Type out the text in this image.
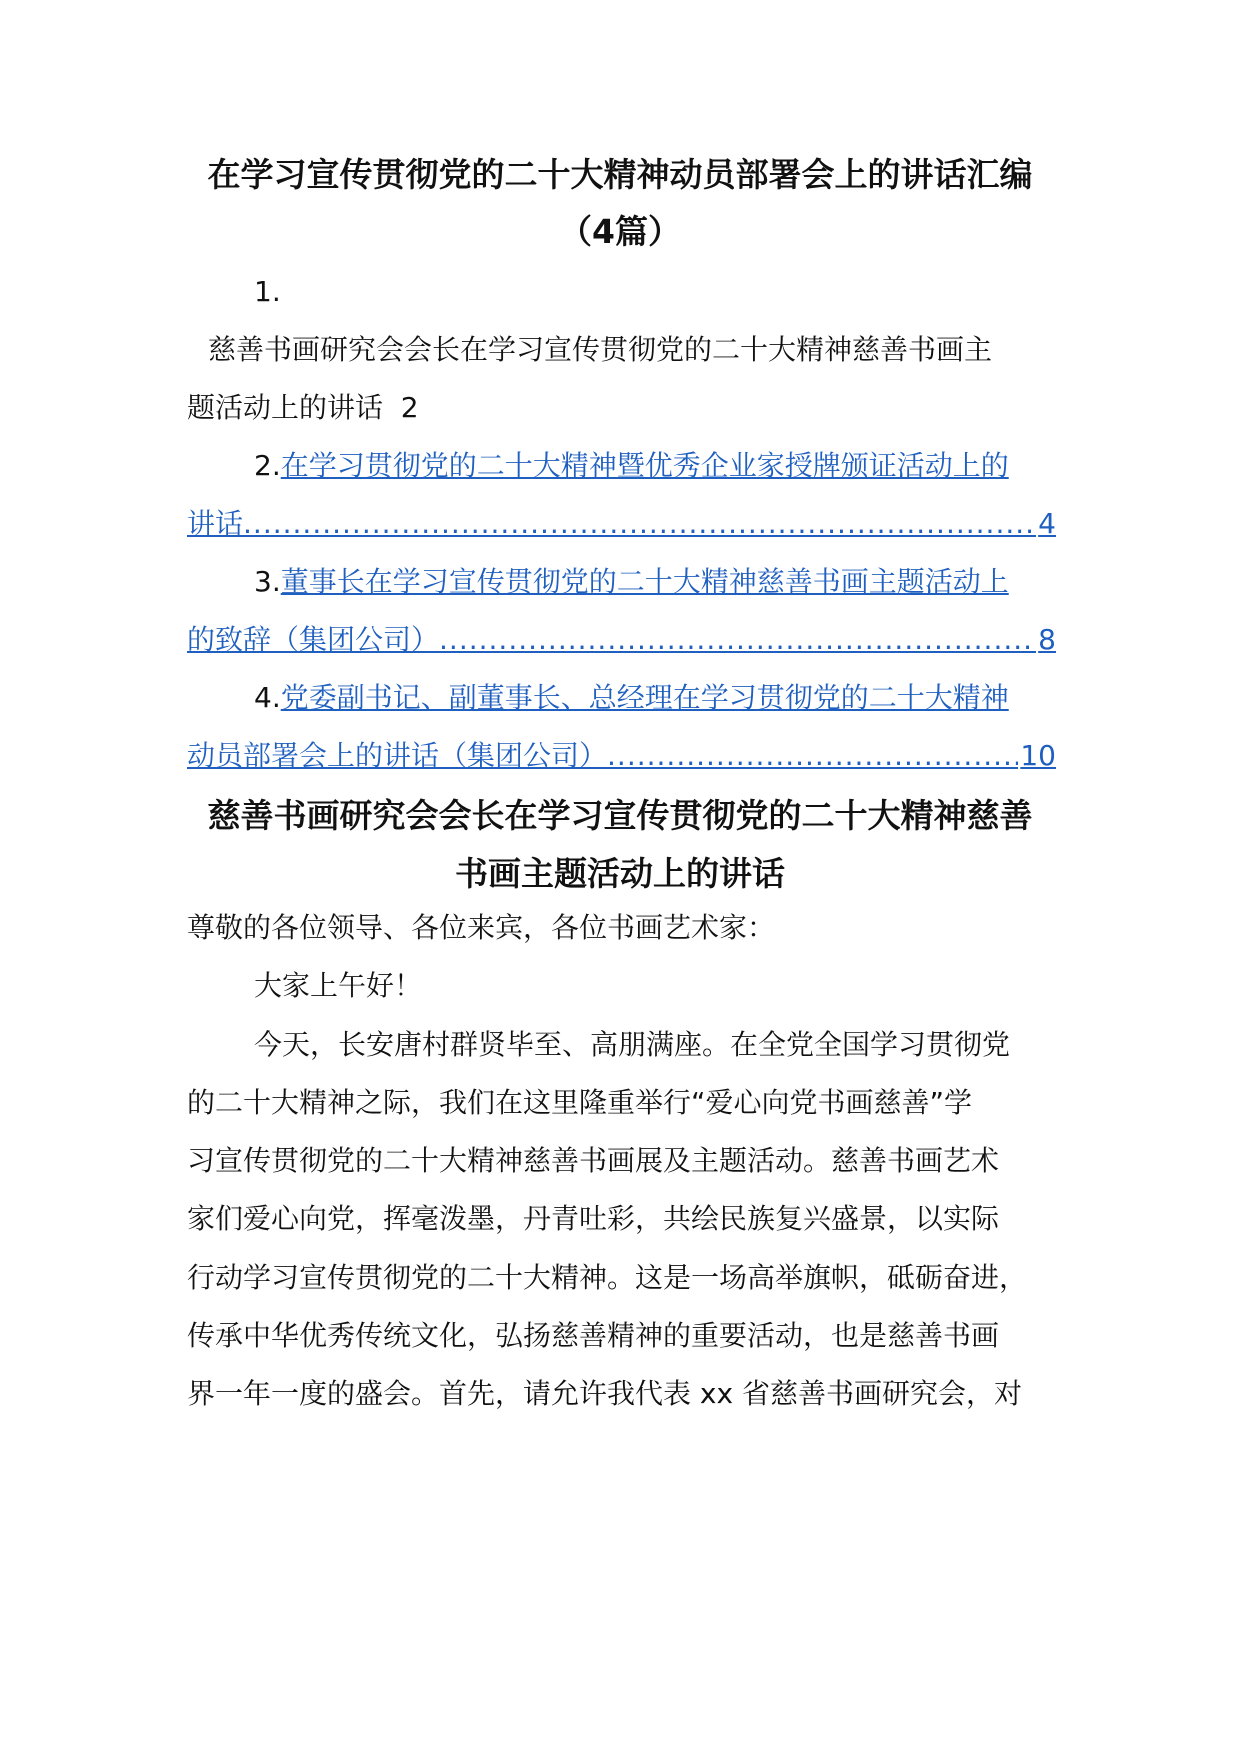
在学习宣传贯彻党的二十大精神动员部署会上的讲话汇编
（4篇）
1.
慈善书画研究会会长在学习宣传贯彻党的二十大精神慈善书画主
题活动上的讲话  2
2.在学习贯彻党的二十大精神暨优秀企业家授牌颁证活动上的
讲话 .....	4
3.董事长在学习宣传贯彻党的二十大精神慈善书画主题活动上
的致辞（集团公司） .....	8
4.党委副书记、副董事长、总经理在学习贯彻党的二十大精神
动员部署会上的讲话（集团公司） .....	10
慈善书画研究会会长在学习宣传贯彻党的二十大精神慈善
书画主题活动上的讲话
尊敬的各位领导、各位来宾，各位书画艺术家：
大家上午好！
今天，长安唐村群贤毕至、高朋满座。在全党全国学习贯彻党
的二十大精神之际，我们在这里隆重举行“爱心向党书画慈善”学
习宣传贯彻党的二十大精神慈善书画展及主题活动。慈善书画艺术
家们爱心向党，挥毫泼墨，丹青吐彩，共绘民族复兴盛景，以实际
行动学习宣传贯彻党的二十大精神。这是一场高举旗帜，砥砺奋进，
传承中华优秀传统文化，弘扬慈善精神的重要活动，也是慈善书画
界一年一度的盛会。首先，请允许我代表 xx 省慈善书画研究会，对
